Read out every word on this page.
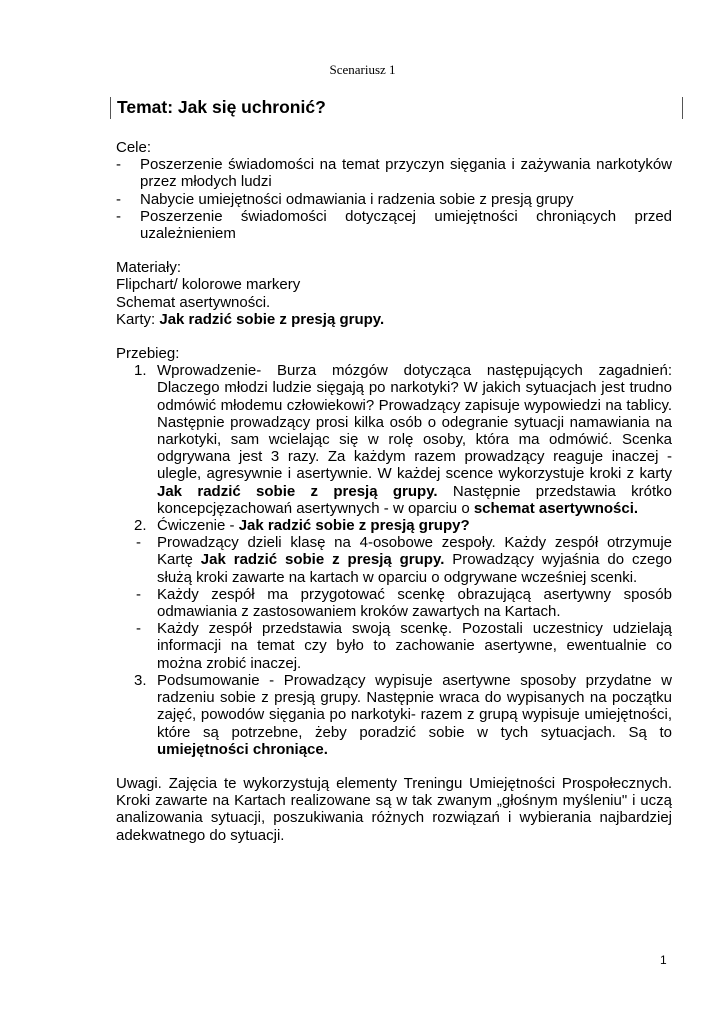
Scenariusz 1
Temat: Jak się uchronić?

Cele:

- Poszerzenie świadomości na temat przyczyn sięgania i zażywania narkotyków przez młodych ludzi
- Nabycie umiejętności odmawiania i radzenia sobie z presją grupy
- Poszerzenie świadomości dotyczącej umiejętności chroniących przed uzależnieniem

Materiały:

Flipchart/ kolorowe markery

Schemat asertywności.

Karty: Jak radzić sobie z presją grupy.

Przebieg:

1. Wprowadzenie- Burza mózgów dotycząca następujących zagadnień: Dlaczego młodzi ludzie sięgają po narkotyki? W jakich sytuacjach jest trudno odmówić młodemu człowiekowi? Prowadzący zapisuje wypowiedzi na tablicy. Następnie prowadzący prosi kilka osób o odegranie sytuacji namawiania na narkotyki, sam wcielając się w rolę osoby, która ma odmówić. Scenka odgrywana jest 3 razy. Za każdym razem prowadzący reaguje inaczej - ulegle, agresywnie i asertywnie. W każdej scence wykorzystuje kroki z karty Jak radzić sobie z presją grupy. Następnie przedstawia krótko koncepcjęzachowań asertywnych - w oparciu o schemat asertywności.
2. Ćwiczenie - Jak radzić sobie z presją grupy?
- Prowadzący dzieli klasę na 4-osobowe zespoły. Każdy zespół otrzymuje Kartę Jak radzić sobie z presją grupy. Prowadzący wyjaśnia do czego służą kroki zawarte na kartach w oparciu o odgrywane wcześniej scenki.
- Każdy zespół ma przygotować scenkę obrazującą asertywny sposób odmawiania z zastosowaniem kroków zawartych na Kartach.
- Każdy zespół przedstawia swoją scenkę. Pozostali uczestnicy udzielają informacji na temat czy było to zachowanie asertywne, ewentualnie co można zrobić inaczej.
3. Podsumowanie - Prowadzący wypisuje asertywne sposoby przydatne w radzeniu sobie z presją grupy. Następnie wraca do wypisanych na początku zajęć, powodów sięgania po narkotyki- razem z grupą wypisuje umiejętności, które są potrzebne, żeby poradzić sobie w tych sytuacjach. Są to umiejętności chroniące.

Uwagi. Zajęcia te wykorzystują elementy Treningu Umiejętności Prospołecznych. Kroki zawarte na Kartach realizowane są w tak zwanym „głośnym myśleniu" i uczą analizowania sytuacji, poszukiwania różnych rozwiązań i wybierania najbardziej adekwatnego do sytuacji.

1
